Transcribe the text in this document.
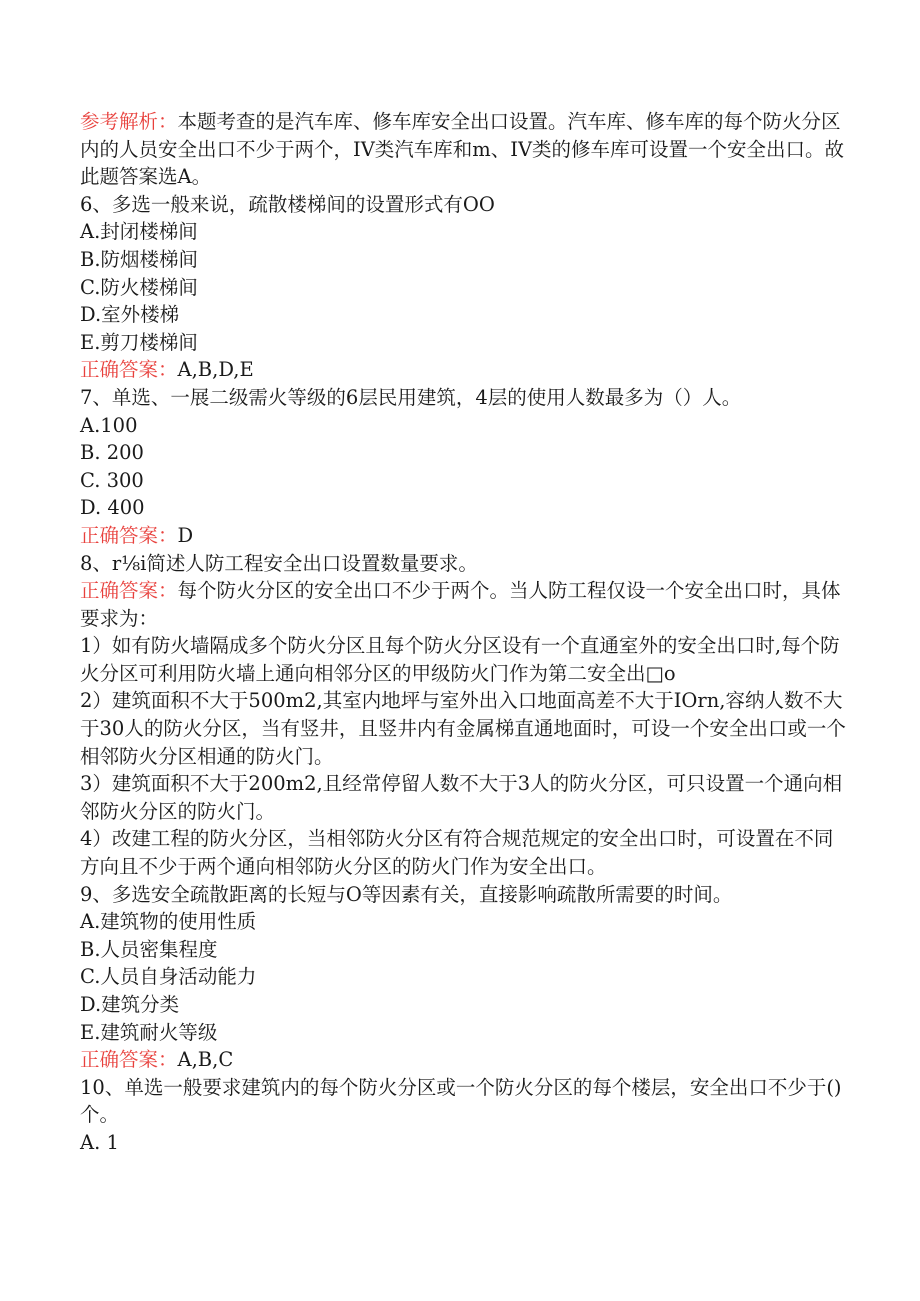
参考解析：本题考查的是汽车库、修车库安全出口设置。汽车库、修车库的每个防火分区内的人员安全出口不少于两个，IV类汽车库和m、IV类的修车库可设置一个安全出口。故此题答案选A。
6、多选一般来说，疏散楼梯间的设置形式有OO
A.封闭楼梯间
B.防烟楼梯间
C.防火楼梯间
D.室外楼梯
E.剪刀楼梯间
正确答案：A,B,D,E
7、单选、一展二级需火等级的6层民用建筑，4层的使用人数最多为（）人。
A.100
B. 200
C. 300
D. 400
正确答案：D
8、r⅛i简述人防工程安全出口设置数量要求。
正确答案：每个防火分区的安全出口不少于两个。当人防工程仅设一个安全出口时，具体要求为：
1）如有防火墙隔成多个防火分区且每个防火分区设有一个直通室外的安全出口时,每个防火分区可利用防火墙上通向相邻分区的甲级防火门作为第二安全出□o
2）建筑面积不大于500m2,其室内地坪与室外出入口地面高差不大于IOrn,容纳人数不大于30人的防火分区，当有竖井，且竖井内有金属梯直通地面时，可设一个安全出口或一个相邻防火分区相通的防火门。
3）建筑面积不大于200m2,且经常停留人数不大于3人的防火分区，可只设置一个通向相邻防火分区的防火门。
4）改建工程的防火分区，当相邻防火分区有符合规范规定的安全出口时，可设置在不同方向且不少于两个通向相邻防火分区的防火门作为安全出口。
9、多选安全疏散距离的长短与O等因素有关，直接影响疏散所需要的时间。
A.建筑物的使用性质
B.人员密集程度
C.人员自身活动能力
D.建筑分类
E.建筑耐火等级
正确答案：A,B,C
10、单选一般要求建筑内的每个防火分区或一个防火分区的每个楼层，安全出口不少于()个。
A. 1
